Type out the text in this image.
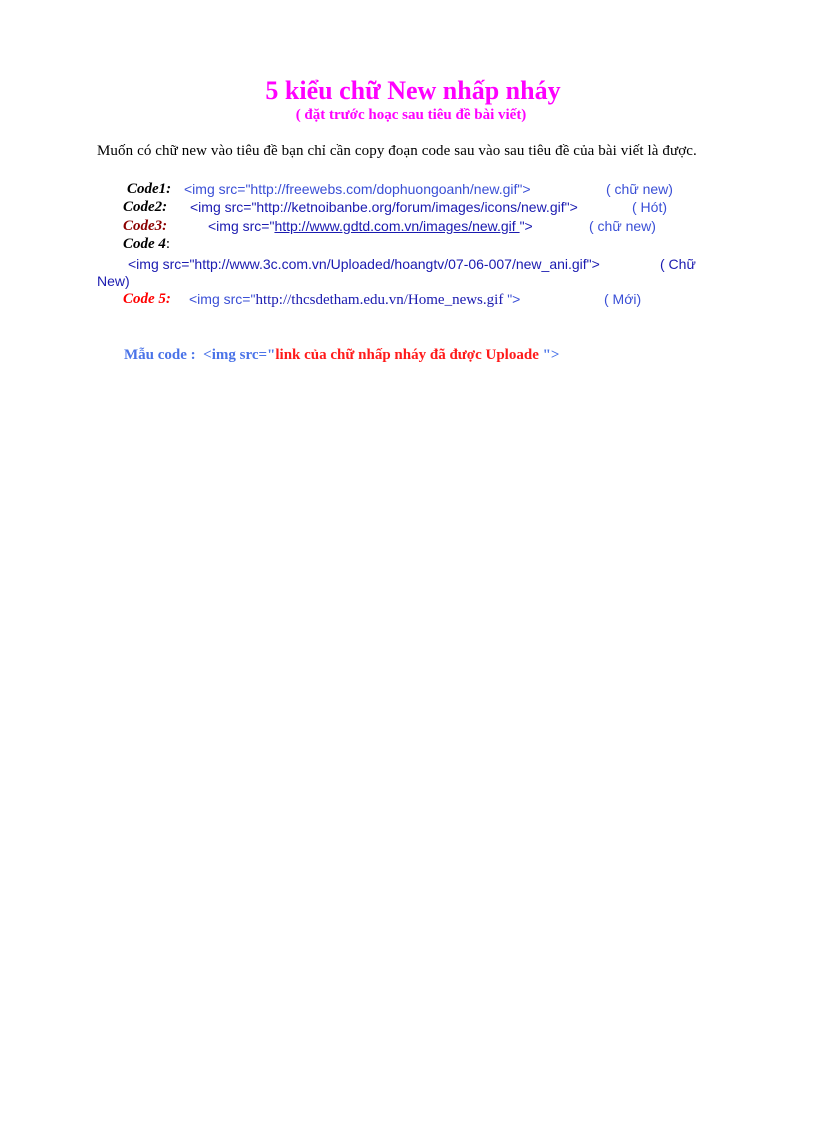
5 kiểu chữ New nhấp nháy
( đặt trước hoạc sau tiêu đề bài viết)
Muốn có chữ new vào tiêu đề bạn chỉ cần copy đoạn code sau vào sau tiêu đề của bài viết là được.
Code1: <img src="http://freewebs.com/dophuongoanh/new.gif">	( chữ new)
Code2: <img src="http://ketnoibanbe.org/forum/images/icons/new.gif">	( Hót)
Code3:	<img src="http://www.gdtd.com.vn/images/new.gif ">	( chữ new)
Code 4:
<img src="http://www.3c.com.vn/Uploaded/hoangtv/07-06-007/new_ani.gif">	( Chữ
New)
Code 5: <img src="http://thcsdetham.edu.vn/Home_news.gif ">	( Mới)
Mẫu code : <img src="link của chữ nhấp nháy đã được Uploade ">
